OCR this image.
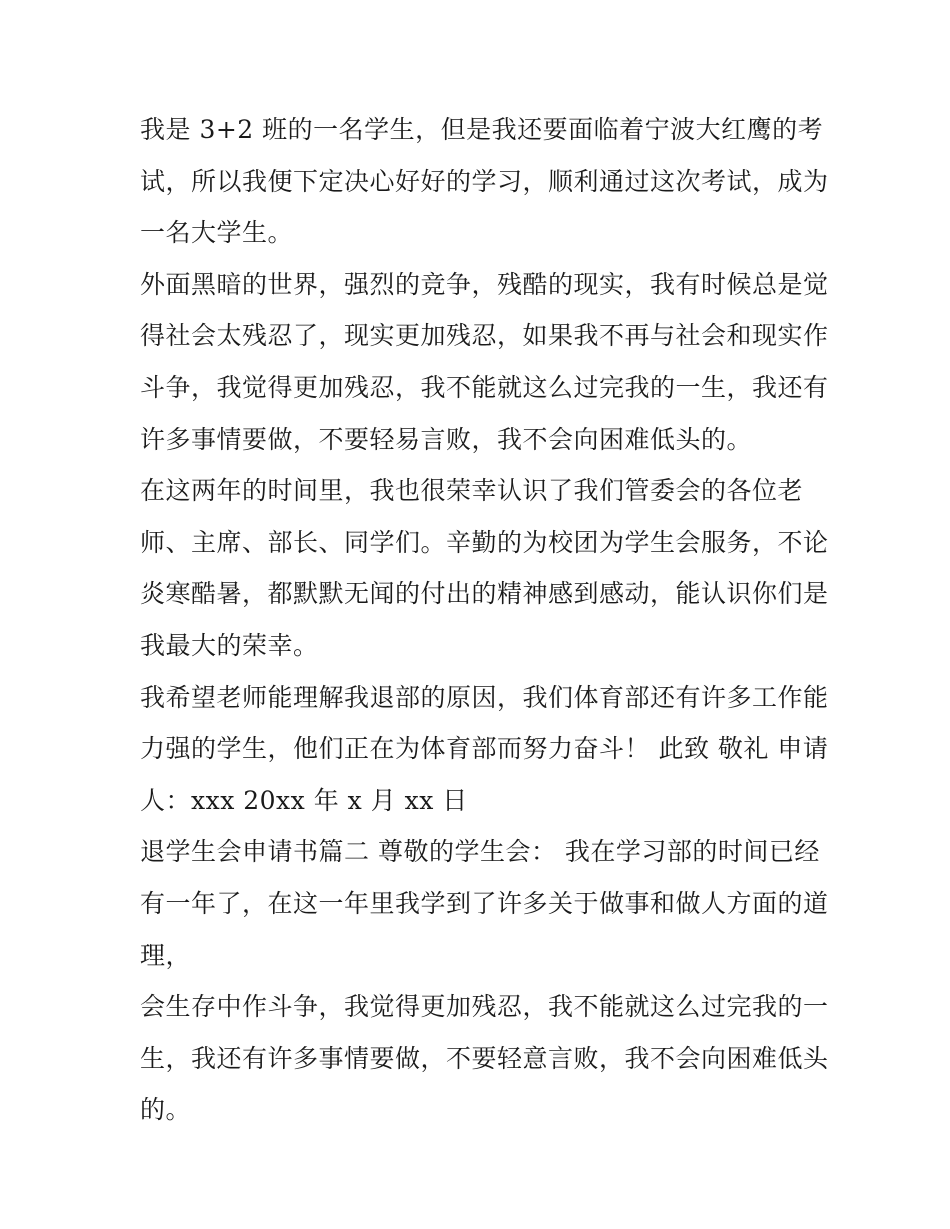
我是 3+2 班的一名学生，但是我还要面临着宁波大红鹰的考
试，所以我便下定决心好好的学习，顺利通过这次考试，成为
一名大学生。
外面黑暗的世界，强烈的竞争，残酷的现实，我有时候总是觉
得社会太残忍了，现实更加残忍，如果我不再与社会和现实作
斗争，我觉得更加残忍，我不能就这么过完我的一生，我还有
许多事情要做，不要轻易言败，我不会向困难低头的。
在这两年的时间里，我也很荣幸认识了我们管委会的各位老
师、主席、部长、同学们。辛勤的为校团为学生会服务，不论
炎寒酷暑，都默默无闻的付出的精神感到感动，能认识你们是
我最大的荣幸。
我希望老师能理解我退部的原因，我们体育部还有许多工作能
力强的学生，他们正在为体育部而努力奋斗！ 此致 敬礼 申请
人：xxx 20xx 年 x 月 xx 日
退学生会申请书篇二 尊敬的学生会： 我在学习部的时间已经
有一年了，在这一年里我学到了许多关于做事和做人方面的道
理，
会生存中作斗争，我觉得更加残忍，我不能就这么过完我的一
生，我还有许多事情要做，不要轻意言败，我不会向困难低头
的。
